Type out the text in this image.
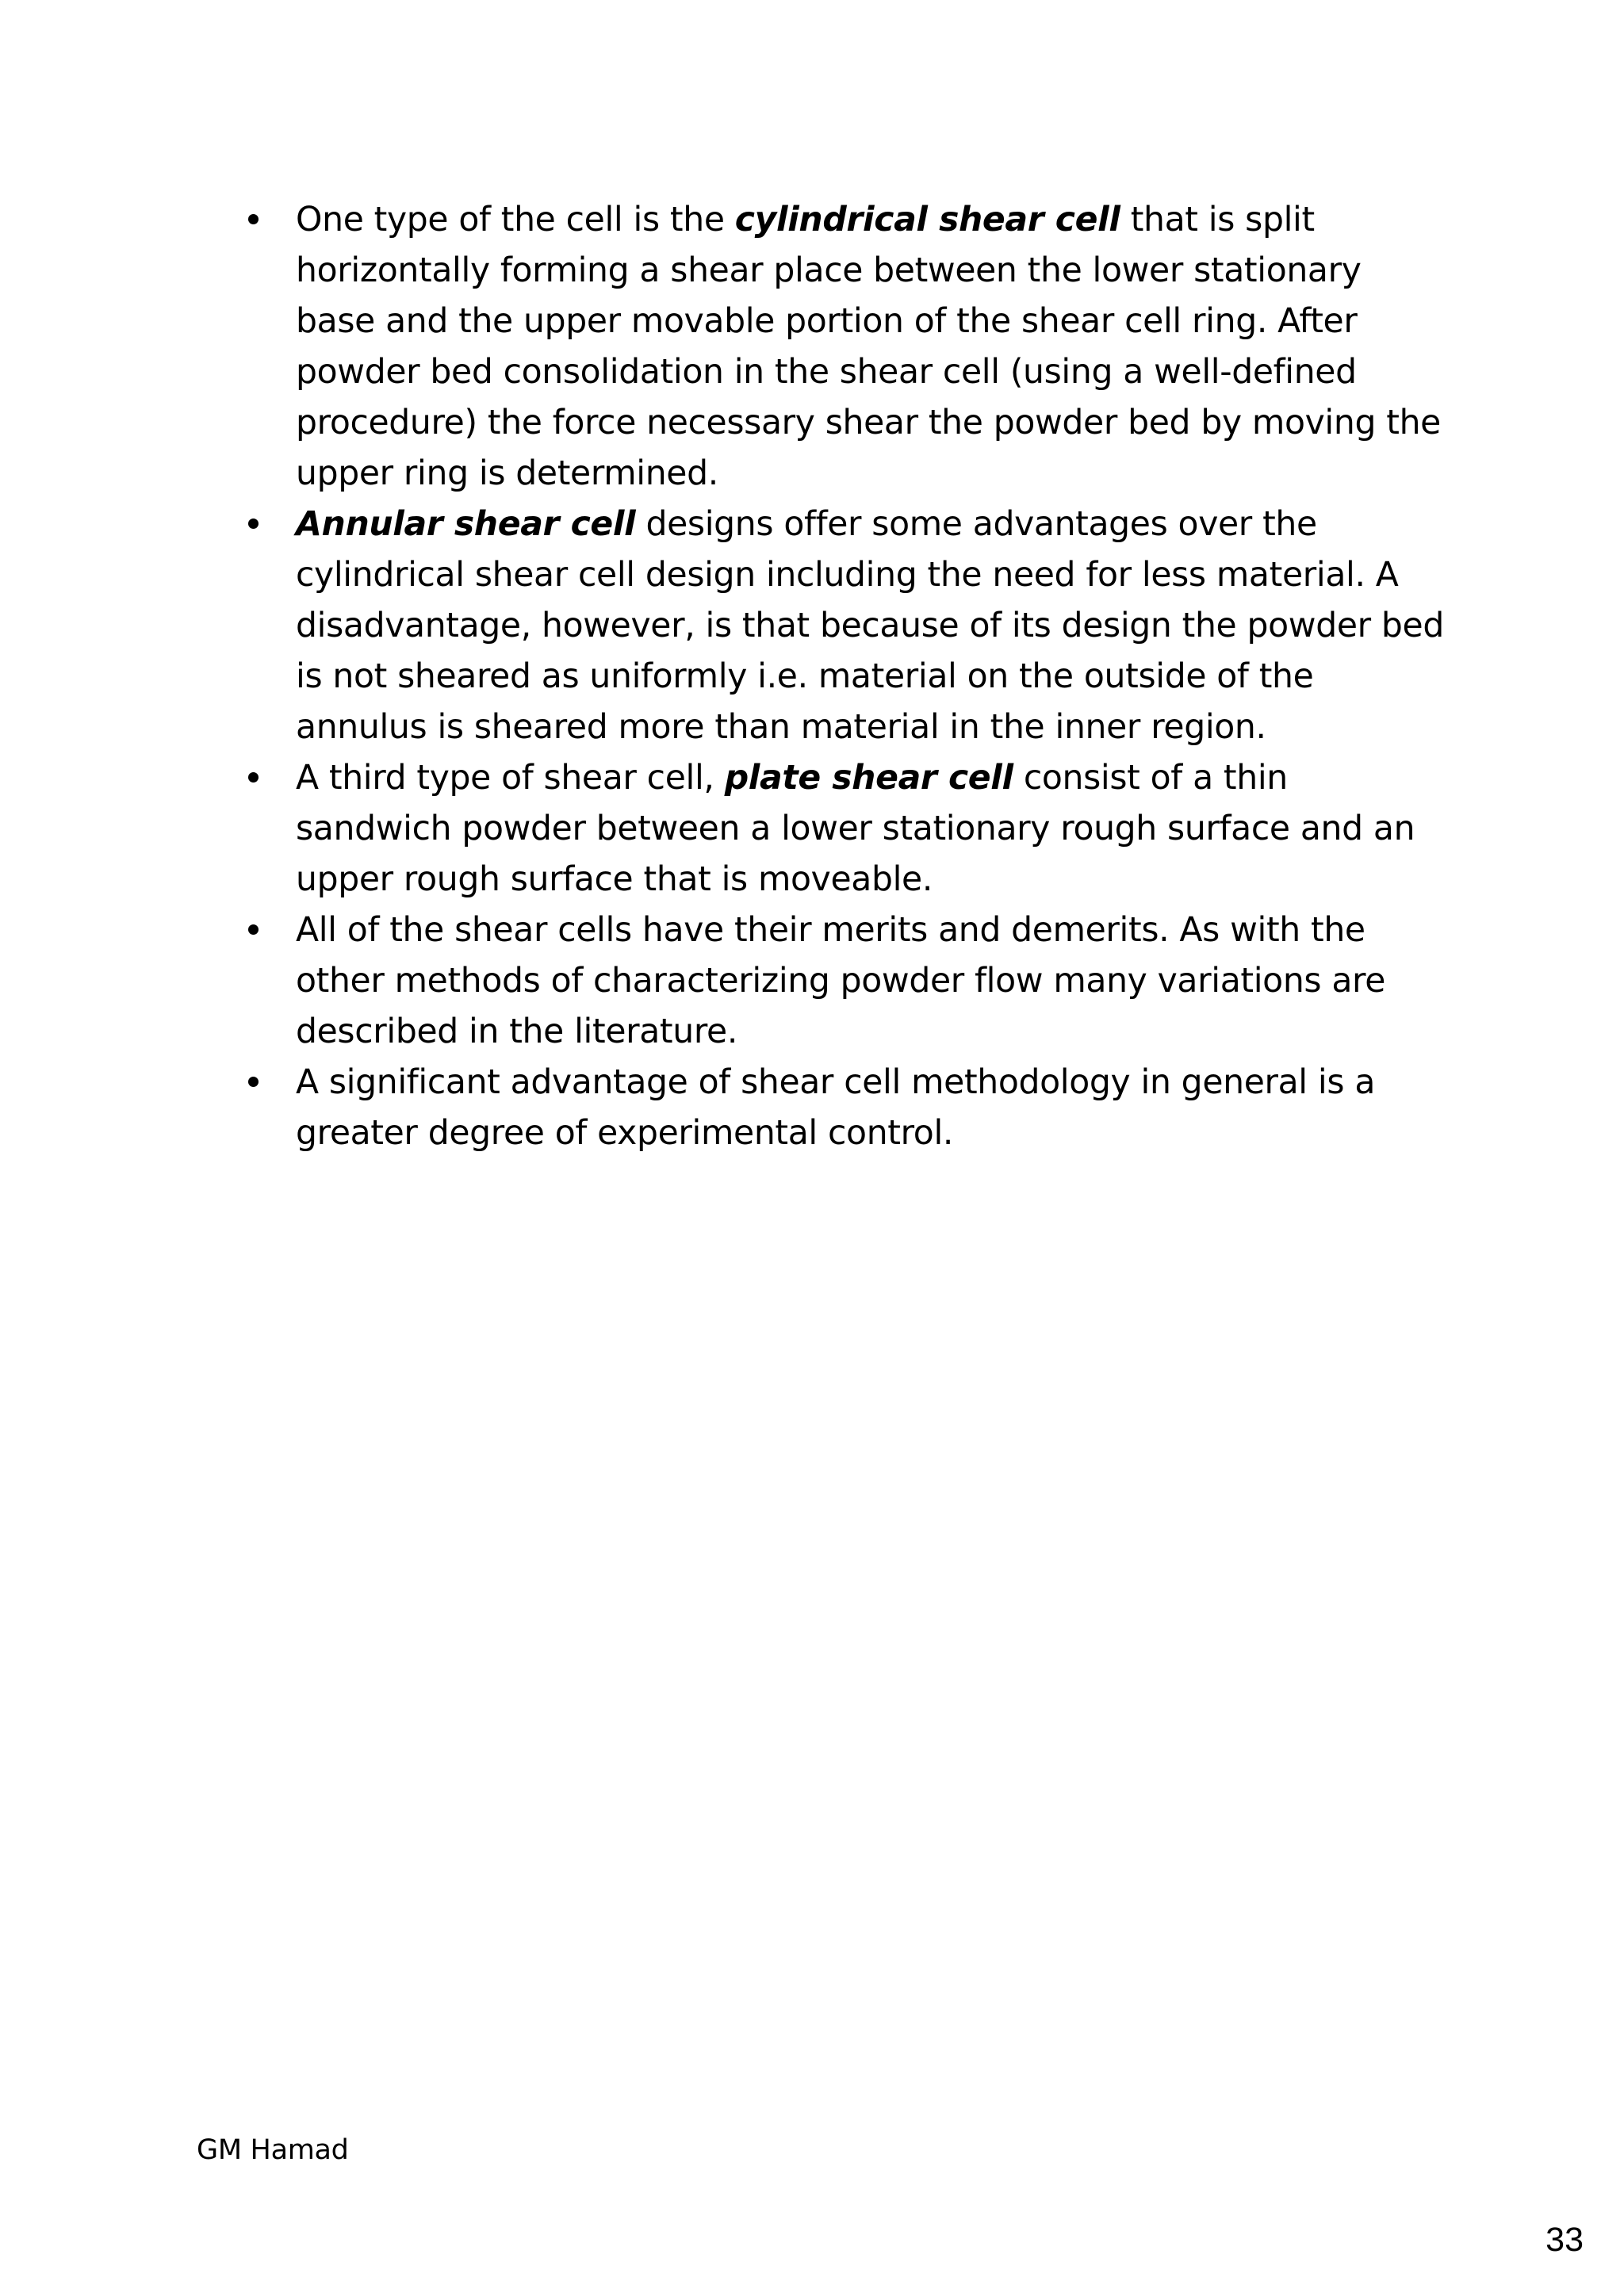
One type of the cell is the cylindrical shear cell that is split horizontally forming a shear place between the lower stationary base and the upper movable portion of the shear cell ring. After powder bed consolidation in the shear cell (using a well-defined procedure) the force necessary shear the powder bed by moving the upper ring is determined.
Annular shear cell designs offer some advantages over the cylindrical shear cell design including the need for less material. A disadvantage, however, is that because of its design the powder bed is not sheared as uniformly i.e. material on the outside of the annulus is sheared more than material in the inner region.
A third type of shear cell, plate shear cell consist of a thin sandwich powder between a lower stationary rough surface and an upper rough surface that is moveable.
All of the shear cells have their merits and demerits. As with the other methods of characterizing powder flow many variations are described in the literature.
A significant advantage of shear cell methodology in general is a greater degree of experimental control.
GM Hamad
33
